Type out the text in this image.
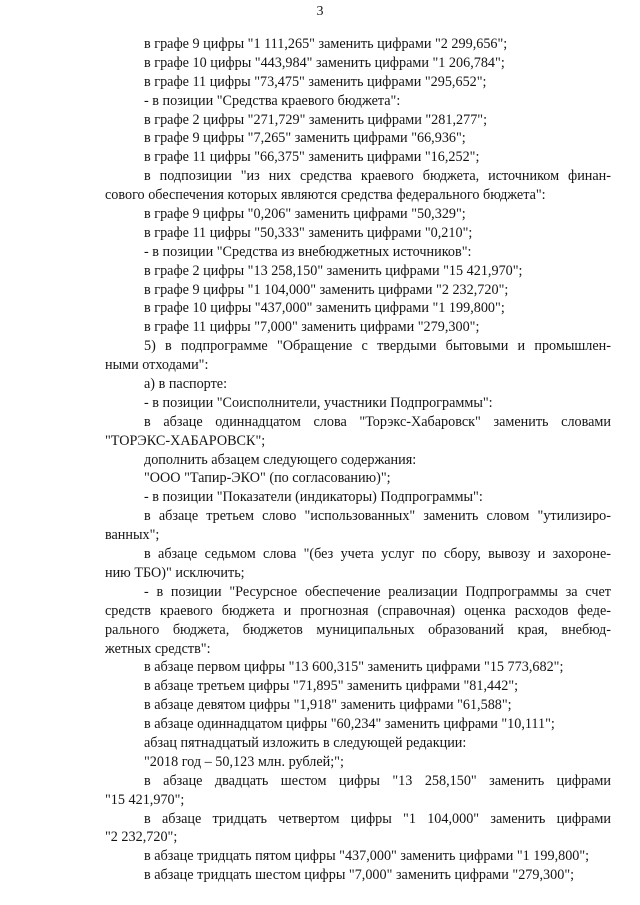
3
в графе 9 цифры "1 111,265" заменить цифрами "2 299,656";
в графе 10 цифры "443,984" заменить цифрами "1 206,784";
в графе 11 цифры "73,475" заменить цифрами "295,652";
- в позиции "Средства краевого бюджета":
в графе 2 цифры "271,729" заменить цифрами "281,277";
в графе 9 цифры "7,265" заменить цифрами "66,936";
в графе 11 цифры "66,375" заменить цифрами "16,252";
в подпозиции "из них средства краевого бюджета, источником финан-
сового обеспечения которых являются средства федерального бюджета":
в графе 9 цифры "0,206" заменить цифрами "50,329";
в графе 11 цифры "50,333" заменить цифрами "0,210";
- в позиции "Средства из внебюджетных источников":
в графе 2 цифры "13 258,150" заменить цифрами "15 421,970";
в графе 9 цифры "1 104,000" заменить цифрами "2 232,720";
в графе 10 цифры "437,000" заменить цифрами "1 199,800";
в графе 11 цифры "7,000" заменить цифрами "279,300";
5) в подпрограмме "Обращение с твердыми бытовыми и промышлен-
ными отходами":
а) в паспорте:
- в позиции "Соисполнители, участники Подпрограммы":
в абзаце одиннадцатом слова "Торэкс-Хабаровск" заменить словами
"ТОРЭКС-ХАБАРОВСК";
дополнить абзацем следующего содержания:
"ООО "Тапир-ЭКО" (по согласованию)";
- в позиции "Показатели (индикаторы) Подпрограммы":
в абзаце третьем слово "использованных" заменить словом "утилизиро-
ванных";
в абзаце седьмом слова "(без учета услуг по сбору, вывозу и захороне-
нию ТБО)" исключить;
- в позиции "Ресурсное обеспечение реализации Подпрограммы за счет
средств краевого бюджета и прогнозная (справочная) оценка расходов феде-
рального бюджета, бюджетов муниципальных образований края, внебюд-
жетных средств":
в абзаце первом цифры "13 600,315" заменить цифрами "15 773,682";
в абзаце третьем цифры "71,895" заменить цифрами "81,442";
в абзаце девятом цифры "1,918" заменить цифрами "61,588";
в абзаце одиннадцатом цифры "60,234" заменить цифрами "10,111";
абзац пятнадцатый изложить в следующей редакции:
"2018 год – 50,123 млн. рублей;";
в абзаце двадцать шестом цифры "13 258,150" заменить цифрами
"15 421,970";
в абзаце тридцать четвертом цифры "1 104,000" заменить цифрами
"2 232,720";
в абзаце тридцать пятом цифры "437,000" заменить цифрами "1 199,800";
в абзаце тридцать шестом цифры "7,000" заменить цифрами "279,300";
